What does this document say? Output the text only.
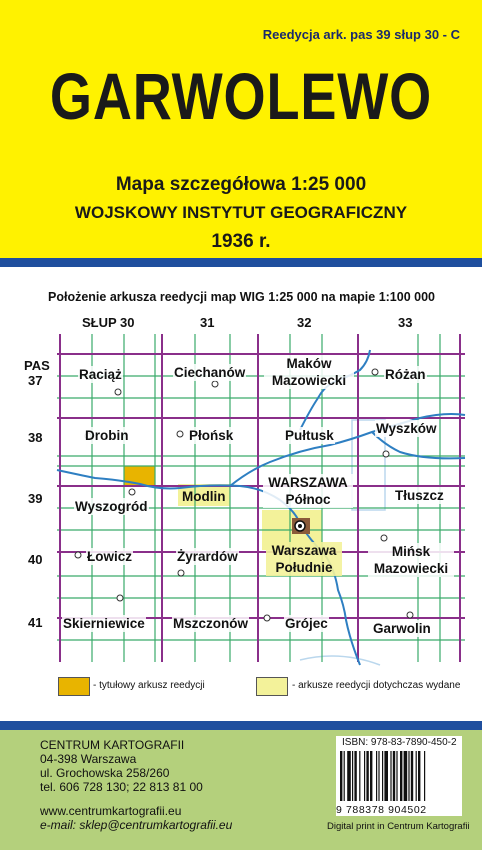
Reedycja ark. pas 39 słup 30 - C
GARWOLEWO
Mapa szczegółowa 1:25 000
WOJSKOWY INSTYTUT GEOGRAFICZNY
1936 r.
Położenie arkusza reedycji map WIG 1:25 000 na mapie 1:100 000
SŁUP 30	31	32	33
PAS
37
38
39
40
41
Raciąż	Ciechanów
Maków
Mazowiecki	Różan
Drobin	Płońsk	Pułtusk	Wyszków
Wyszogród
Modlin
WARSZAWA
Północ	Tłuszcz
Łowicz	Żyrardów	Warszawa
Południe
Mińsk
Mazowiecki
Skierniewice Mszczonów	Grójec	Garwolin
- tytułowy arkusz reedycji	- arkusze reedycji dotychczas wydane
CENTRUM KARTOGRAFII
04-398 Warszawa
ul. Grochowska 258/260
tel. 606 728 130; 22 813 81 00
www.centrumkartografii.eu
e-mail: sklep@centrumkartografii.eu
ISBN: 978-83-7890-450-2
9 788378 904502
Digital print in Centrum Kartografii
